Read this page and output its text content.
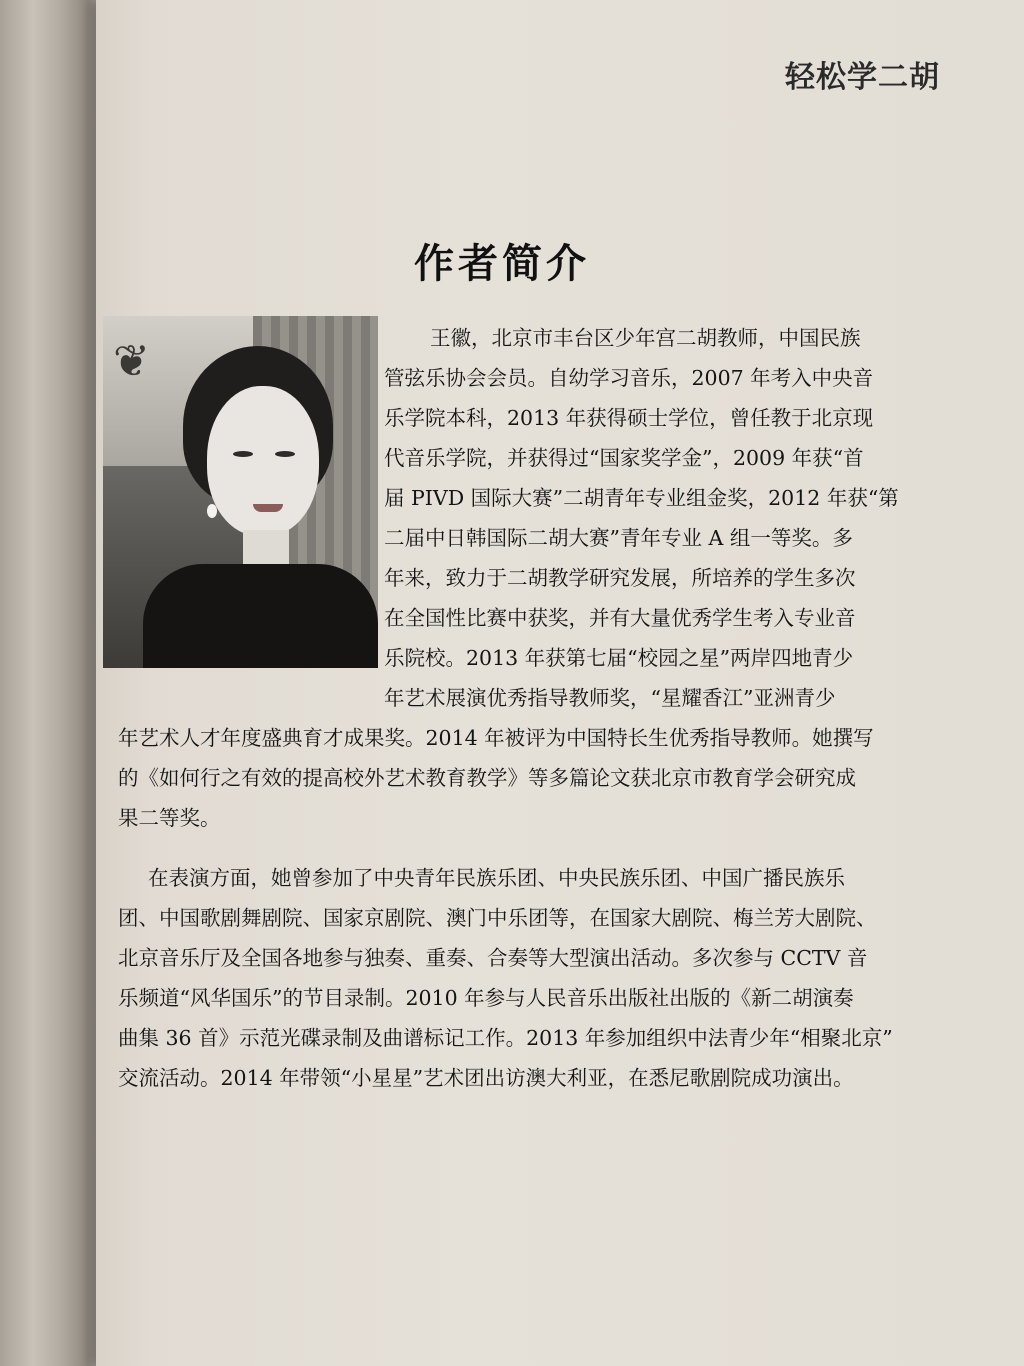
轻松学二胡
作者简介
❦	王徽，北京市丰台区少年宫二胡教师，中国民族

管弦乐协会会员。自幼学习音乐，2007 年考入中央音

乐学院本科，2013 年获得硕士学位，曾任教于北京现

代音乐学院，并获得过“国家奖学金”，2009 年获“首

届 PIVD 国际大赛”二胡青年专业组金奖，2012 年获“第

二届中日韩国际二胡大赛”青年专业 A 组一等奖。多

年来，致力于二胡教学研究发展，所培养的学生多次

在全国性比赛中获奖，并有大量优秀学生考入专业音

乐院校。2013 年获第七届“校园之星”两岸四地青少

年艺术展演优秀指导教师奖，“星耀香江”亚洲青少

年艺术人才年度盛典育才成果奖。2014 年被评为中国特长生优秀指导教师。她撰写

的《如何行之有效的提高校外艺术教育教学》等多篇论文获北京市教育学会研究成

果二等奖。

在表演方面，她曾参加了中央青年民族乐团、中央民族乐团、中国广播民族乐

团、中国歌剧舞剧院、国家京剧院、澳门中乐团等，在国家大剧院、梅兰芳大剧院、

北京音乐厅及全国各地参与独奏、重奏、合奏等大型演出活动。多次参与 CCTV 音

乐频道“风华国乐”的节目录制。2010 年参与人民音乐出版社出版的《新二胡演奏

曲集 36 首》示范光碟录制及曲谱标记工作。2013 年参加组织中法青少年“相聚北京”

交流活动。2014 年带领“小星星”艺术团出访澳大利亚，在悉尼歌剧院成功演出。
